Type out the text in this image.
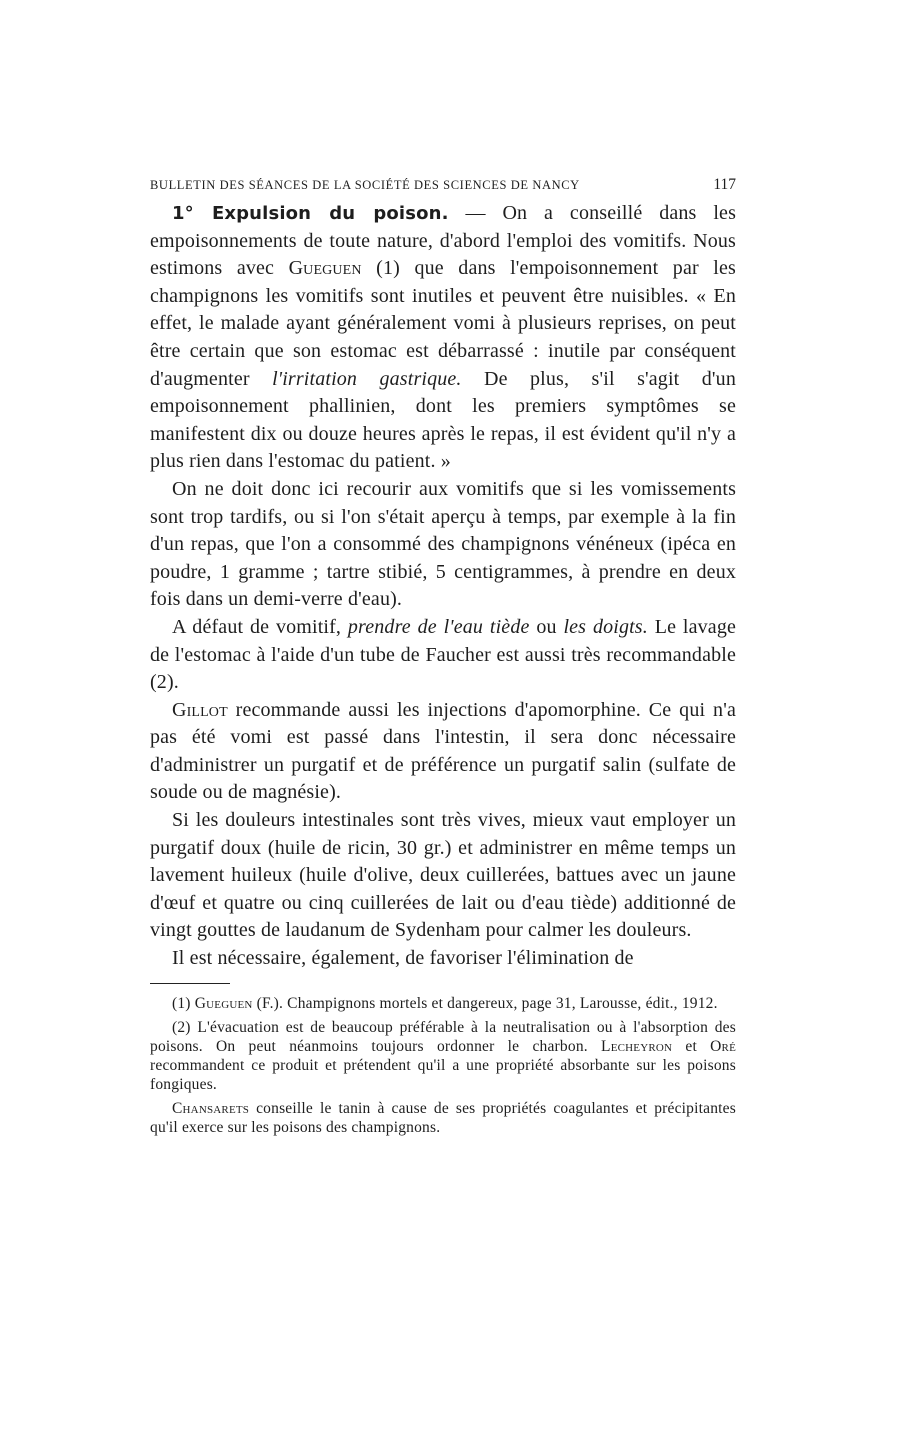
BULLETIN DES SÉANCES DE LA SOCIÉTÉ DES SCIENCES DE NANCY	117

1° Expulsion du poison. — On a conseillé dans les empoisonnements de toute nature, d'abord l'emploi des vomitifs. Nous estimons avec Gueguen (1) que dans l'empoisonnement par les champignons les vomitifs sont inutiles et peuvent être nuisibles. « En effet, le malade ayant généralement vomi à plusieurs reprises, on peut être certain que son estomac est débarrassé : inutile par conséquent d'augmenter l'irritation gastrique. De plus, s'il s'agit d'un empoisonnement phallinien, dont les premiers symptômes se manifestent dix ou douze heures après le repas, il est évident qu'il n'y a plus rien dans l'estomac du patient. »

On ne doit donc ici recourir aux vomitifs que si les vomissements sont trop tardifs, ou si l'on s'était aperçu à temps, par exemple à la fin d'un repas, que l'on a consommé des champignons vénéneux (ipéca en poudre, 1 gramme ; tartre stibié, 5 centigrammes, à prendre en deux fois dans un demi-verre d'eau).

A défaut de vomitif, prendre de l'eau tiède ou les doigts. Le lavage de l'estomac à l'aide d'un tube de Faucher est aussi très recommandable (2).

Gillot recommande aussi les injections d'apomorphine. Ce qui n'a pas été vomi est passé dans l'intestin, il sera donc nécessaire d'administrer un purgatif et de préférence un purgatif salin (sulfate de soude ou de magnésie).

Si les douleurs intestinales sont très vives, mieux vaut employer un purgatif doux (huile de ricin, 30 gr.) et administrer en même temps un lavement huileux (huile d'olive, deux cuillerées, battues avec un jaune d'œuf et quatre ou cinq cuillerées de lait ou d'eau tiède) additionné de vingt gouttes de laudanum de Sydenham pour calmer les douleurs.

Il est nécessaire, également, de favoriser l'élimination de

(1) Gueguen (F.). Champignons mortels et dangereux, page 31, Larousse, édit., 1912.

(2) L'évacuation est de beaucoup préférable à la neutralisation ou à l'absorption des poisons. On peut néanmoins toujours ordonner le charbon. Lecheyron et Oré recommandent ce produit et prétendent qu'il a une propriété absorbante sur les poisons fongiques.

Chansarets conseille le tanin à cause de ses propriétés coagulantes et précipitantes qu'il exerce sur les poisons des champignons.
